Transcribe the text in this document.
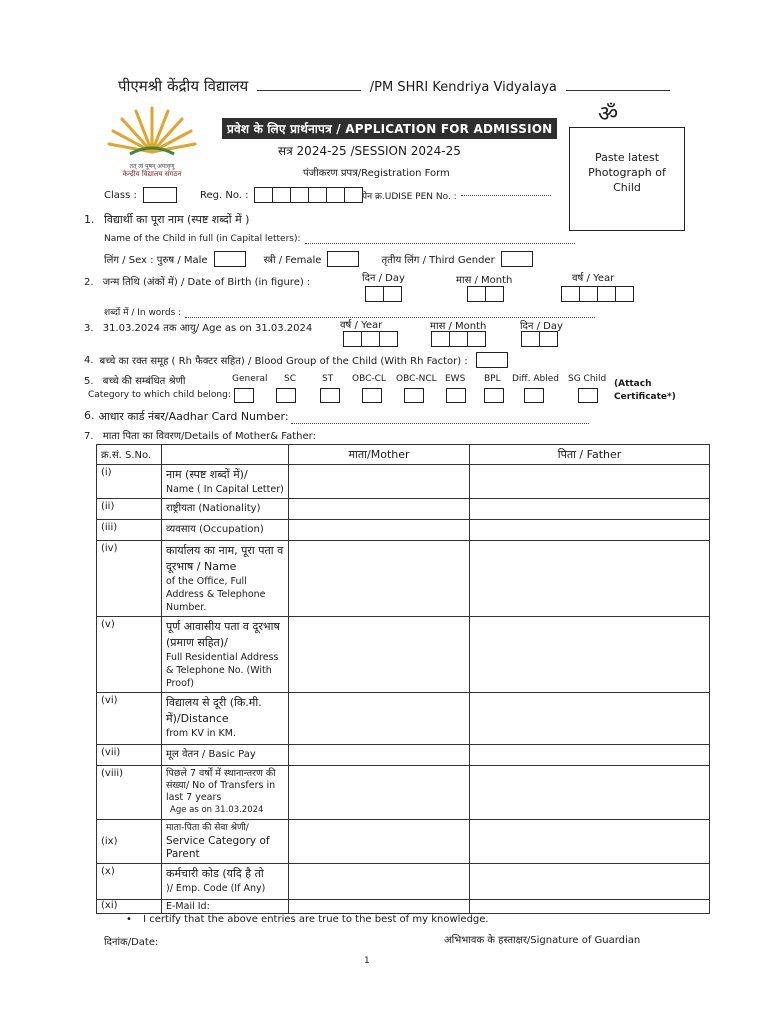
पीएमश्री केंद्रीय विद्यालय	/PM SHRI Kendriya Vidyalaya
ॐ
तत् त्वं पूषन् अपावृणु
केन्द्रीय विद्यालय संगठन
प्रवेश के लिए प्रार्थनापत्र / APPLICATION FOR ADMISSION
सत्र 2024-25 /SESSION 2024-25
पंजीकरण प्रपत्र/Registration Form
Paste latest Photograph of Child
Class :	Reg. No. :	पेन क्र.UDISE PEN No. :
1. विद्यार्थी का पूरा नाम (स्पष्ट शब्दों में )
Name of the Child in full (in Capital letters):
लिंग / Sex : पुरुष / Male	स्त्री / Female	तृतीय लिंग / Third Gender
2. जन्म तिथि (अंकों में) / Date of Birth (in figure) :	दिन / Day	मास / Month	वर्ष / Year
शब्दों में / In words :
3. 31.03.2024 तक आयु/ Age as on 31.03.2024	वर्ष / Year	मास / Month	दिन / Day
4. बच्चे का रक्त समूह ( Rh फैक्टर सहित) / Blood Group of the Child (With Rh Factor) :
5. बच्चे की सम्बंधित श्रेणी
Category to which child belong:
General SC	ST OBC-CL OBC-NCL EWS BPL Diff. Abled SG Child (Attach Certificate*)
6. आधार कार्ड नंबर/Aadhar Card Number:
7. माता पिता का विवरण/Details of Mother& Father:
क्र.सं. S.No.		माता/Mother	पिता / Father
(i)	नाम (स्पष्ट शब्दों में)/
Name ( In Capital Letter)		

(ii)	राष्ट्रीयता (Nationality)		

(iii)	व्यवसाय (Occupation)		

(iv)	कार्यालय का नाम, पूरा पता व दूरभाष / Name
of the Office, Full Address & Telephone Number.		

(v)	पूर्ण आवासीय पता व दूरभाष (प्रमाण सहित)/
Full Residential Address & Telephone No. (With Proof)		

(vi)	विद्यालय से दूरी (कि.मी. में)/Distance
from KV in KM.		

(vii)	मूल वेतन / Basic Pay		

(viii)	पिछले 7 वर्षों में स्थानान्तरण की संख्या/ No of Transfers in last 7 years
Age as on 31.03.2024		

(ix)	माता-पिता की सेवा श्रेणी/
Service Category of Parent		

(x)	कर्मचारी कोड (यदि है तो
)/ Emp. Code (If Any)		

(xi)	E-Mail Id:		

• I certify that the above entries are true to the best of my knowledge.
दिनांक/Date:	अभिभावक के हस्ताक्षर/Signature of Guardian
1
